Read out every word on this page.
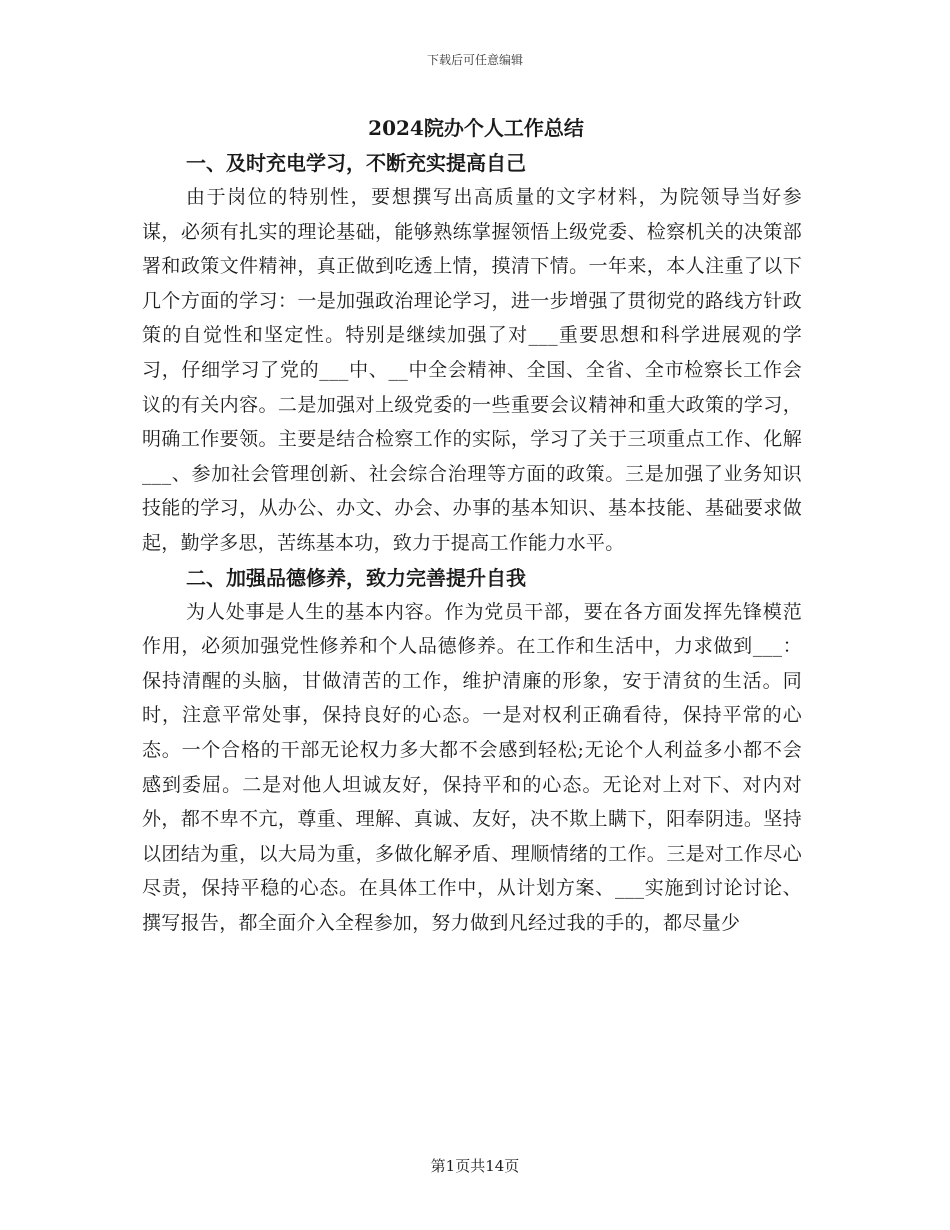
下载后可任意编辑
2024院办个人工作总结
一、及时充电学习，不断充实提高自己

由于岗位的特别性，要想撰写出高质量的文字材料，为院领导当好参谋，必须有扎实的理论基础，能够熟练掌握领悟上级党委、检察机关的决策部署和政策文件精神，真正做到吃透上情，摸清下情。一年来，本人注重了以下几个方面的学习：一是加强政治理论学习，进一步增强了贯彻党的路线方针政策的自觉性和坚定性。特别是继续加强了对___重要思想和科学进展观的学习，仔细学习了党的___中、__中全会精神、全国、全省、全市检察长工作会议的有关内容。二是加强对上级党委的一些重要会议精神和重大政策的学习，明确工作要领。主要是结合检察工作的实际，学习了关于三项重点工作、化解___、参加社会管理创新、社会综合治理等方面的政策。三是加强了业务知识技能的学习，从办公、办文、办会、办事的基本知识、基本技能、基础要求做起，勤学多思，苦练基本功，致力于提高工作能力水平。

二、加强品德修养，致力完善提升自我

为人处事是人生的基本内容。作为党员干部，要在各方面发挥先锋模范作用，必须加强党性修养和个人品德修养。在工作和生活中，力求做到___：保持清醒的头脑，甘做清苦的工作，维护清廉的形象，安于清贫的生活。同时，注意平常处事，保持良好的心态。一是对权利正确看待，保持平常的心态。一个合格的干部无论权力多大都不会感到轻松;无论个人利益多小都不会感到委屈。二是对他人坦诚友好，保持平和的心态。无论对上对下、对内对外，都不卑不亢，尊重、理解、真诚、友好，决不欺上瞒下，阳奉阴违。坚持以团结为重，以大局为重，多做化解矛盾、理顺情绪的工作。三是对工作尽心尽责，保持平稳的心态。在具体工作中，从计划方案、___实施到讨论讨论、撰写报告，都全面介入全程参加，努力做到凡经过我的手的，都尽量少

第1页共14页
